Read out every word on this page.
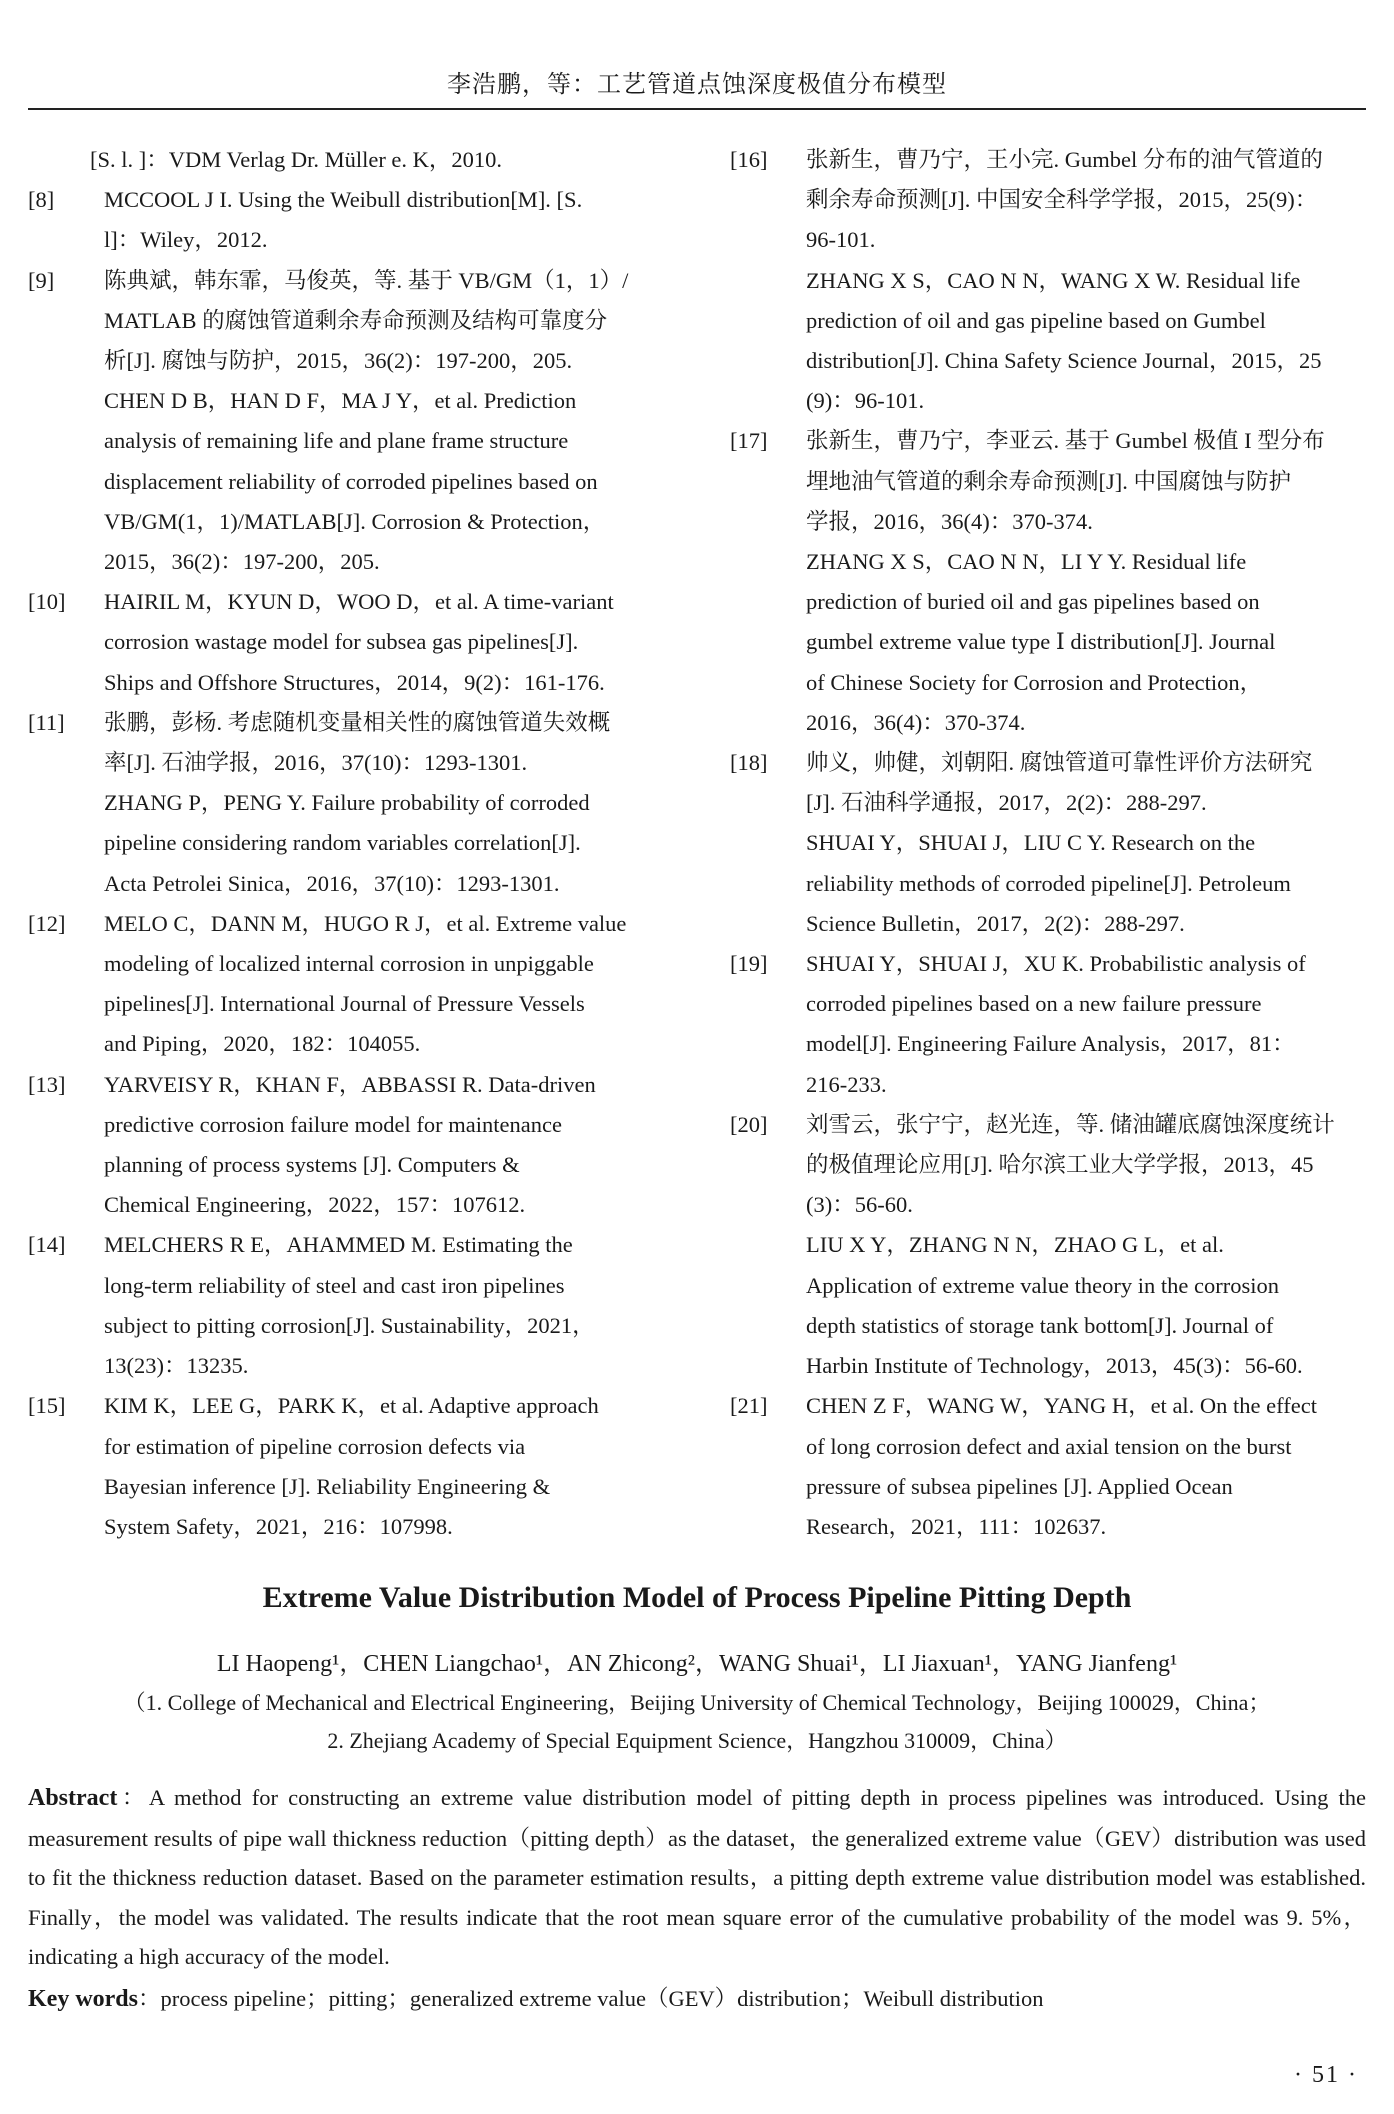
李浩鹏，等：工艺管道点蚀深度极值分布模型
[S. l. ]：VDM Verlag Dr. Müller e. K，2010.
[8] MCCOOL J I. Using the Weibull distribution[M]. [S.
l]：Wiley，2012.
[9] 陈典斌，韩东霏，马俊英，等. 基于 VB/GM（1，1）/
MATLAB 的腐蚀管道剩余寿命预测及结构可靠度分
析[J]. 腐蚀与防护，2015，36(2)：197-200，205.
CHEN D B，HAN D F，MA J Y，et al. Prediction
analysis of remaining life and plane frame structure
displacement reliability of corroded pipelines based on
VB/GM(1，1)/MATLAB[J]. Corrosion & Protection，
2015，36(2)：197-200，205.
[10] HAIRIL M，KYUN D，WOO D，et al. A time-variant
corrosion wastage model for subsea gas pipelines[J].
Ships and Offshore Structures，2014，9(2)：161-176.
[11] 张鹏，彭杨. 考虑随机变量相关性的腐蚀管道失效概
率[J]. 石油学报，2016，37(10)：1293-1301.
ZHANG P，PENG Y. Failure probability of corroded
pipeline considering random variables correlation[J].
Acta Petrolei Sinica，2016，37(10)：1293-1301.
[12] MELO C，DANN M，HUGO R J，et al. Extreme value
modeling of localized internal corrosion in unpiggable
pipelines[J]. International Journal of Pressure Vessels
and Piping，2020，182：104055.
[13] YARVEISY R，KHAN F，ABBASSI R. Data-driven
predictive corrosion failure model for maintenance
planning of process systems [J]. Computers &
Chemical Engineering，2022，157：107612.
[14] MELCHERS R E，AHAMMED M. Estimating the
long-term reliability of steel and cast iron pipelines
subject to pitting corrosion[J]. Sustainability，2021，
13(23)：13235.
[15] KIM K，LEE G，PARK K，et al. Adaptive approach
for estimation of pipeline corrosion defects via
Bayesian inference [J]. Reliability Engineering &
System Safety，2021，216：107998.
[16] 张新生，曹乃宁，王小完. Gumbel 分布的油气管道的
剩余寿命预测[J]. 中国安全科学学报，2015，25(9)：
96-101.
ZHANG X S，CAO N N，WANG X W. Residual life
prediction of oil and gas pipeline based on Gumbel
distribution[J]. China Safety Science Journal，2015，25
(9)：96-101.
[17] 张新生，曹乃宁，李亚云. 基于 Gumbel 极值 I 型分布
埋地油气管道的剩余寿命预测[J]. 中国腐蚀与防护
学报，2016，36(4)：370-374.
ZHANG X S，CAO N N，LI Y Y. Residual life
prediction of buried oil and gas pipelines based on
gumbel extreme value type Ⅰ distribution[J]. Journal
of Chinese Society for Corrosion and Protection，
2016，36(4)：370-374.
[18] 帅义，帅健，刘朝阳. 腐蚀管道可靠性评价方法研究
[J]. 石油科学通报，2017，2(2)：288-297.
SHUAI Y，SHUAI J，LIU C Y. Research on the
reliability methods of corroded pipeline[J]. Petroleum
Science Bulletin，2017，2(2)：288-297.
[19] SHUAI Y，SHUAI J，XU K. Probabilistic analysis of
corroded pipelines based on a new failure pressure
model[J]. Engineering Failure Analysis，2017，81：
216-233.
[20] 刘雪云，张宁宁，赵光连，等. 储油罐底腐蚀深度统计
的极值理论应用[J]. 哈尔滨工业大学学报，2013，45
(3)：56-60.
LIU X Y，ZHANG N N，ZHAO G L，et al.
Application of extreme value theory in the corrosion
depth statistics of storage tank bottom[J]. Journal of
Harbin Institute of Technology，2013，45(3)：56-60.
[21] CHEN Z F，WANG W，YANG H，et al. On the effect
of long corrosion defect and axial tension on the burst
pressure of subsea pipelines [J]. Applied Ocean
Research，2021，111：102637.
Extreme Value Distribution Model of Process Pipeline Pitting Depth
LI Haopeng¹，CHEN Liangchao¹，AN Zhicong²，WANG Shuai¹，LI Jiaxuan¹，YANG Jianfeng¹
（1. College of Mechanical and Electrical Engineering，Beijing University of Chemical Technology，Beijing 100029，China；
2. Zhejiang Academy of Special Equipment Science，Hangzhou 310009，China）
Abstract：A method for constructing an extreme value distribution model of pitting depth in process pipelines was introduced. Using the measurement results of pipe wall thickness reduction（pitting depth）as the dataset，the generalized extreme value（GEV）distribution was used to fit the thickness reduction dataset. Based on the parameter estimation results，a pitting depth extreme value distribution model was established. Finally，the model was validated. The results indicate that the root mean square error of the cumulative probability of the model was 9. 5%，indicating a high accuracy of the model.
Key words：process pipeline；pitting；generalized extreme value（GEV）distribution；Weibull distribution
· 51 ·
